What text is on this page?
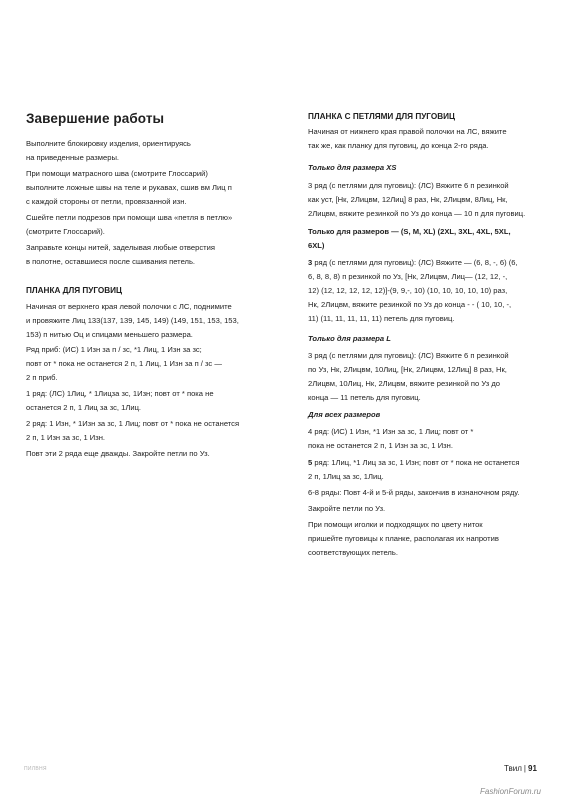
Завершение работы

Выполните блокировку изделия, ориентируясь
на приведенные размеры.

При помощи матрасного шва (смотрите Глоссарий)
выполните ложные швы на теле и рукавах, сшив вм Лиц п
с каждой стороны от петли, провязанной изн.

Сшейте петли подрезов при помощи шва «петля в петлю»
(смотрите Глоссарий).

Заправьте концы нитей, заделывая любые отверстия
в полотне, оставшиеся после сшивания петель.

ПЛАНКА ДЛЯ ПУГОВИЦ

Начиная от верхнего края левой полочки с ЛС, поднимите
и провяжите Лиц 133(137, 139, 145, 149) (149, 151, 153, 153,
153) п нитью Оц и спицами меньшего размера.

Ряд приб: (ИС) 1 Изн за п / зс, *1 Лиц, 1 Изн за зс;
повт от * пока не останется 2 п, 1 Лиц, 1 Изн за п / зс —
2 п приб.

1 ряд: (ЛС) 1Лиц, * 1Лицза зс, 1Изн; повт от * пока не
останется 2 п, 1 Лиц за зс, 1Лиц.

2 ряд: 1 Изн, * 1Изн за зс, 1 Лиц; повт от * пока не останется
2 п, 1 Изн за зс, 1 Изн.

Повт эти 2 ряда еще дважды. Закройте петли по Уз.

ПЛАНКА С ПЕТЛЯМИ ДЛЯ ПУГОВИЦ

Начиная от нижнего края правой полочки на ЛС, вяжите
так же, как планку для пуговиц, до конца 2-го ряда.

Только для размера XS

3 ряд (с петлями для пуговиц): (ЛС) Вяжите 6 п резинкой
как уст, [Нк, 2Лицвм, 12Лиц] 8 раз, Нк, 2Лицвм, 8Лиц, Нк,
2Лицвм, вяжите резинкой по Уз до конца — 10 п для пуговиц.

Только для размеров — (S, M, XL) (2XL, 3XL, 4XL, 5XL,
6XL)

3 ряд (с петлями для пуговиц): (ЛС) Вяжите — (6, 8, -, 6) (6,
6, 8, 8, 8) п резинкой по Уз, [Нк, 2Лицвм, Лиц— (12, 12, -,
12) (12, 12, 12, 12, 12)]-(9, 9,-, 10) (10, 10, 10, 10, 10) раз,
Нк, 2Лицвм, вяжите резинкой по Уз до конца - - ( 10, 10, -,
11) (11, 11, 11, 11, 11) петель для пуговиц.

Только для размера L

3 ряд (с петлями для пуговиц): (ЛС) Вяжите 6 п резинкой
по Уз, Нк, 2Лицвм, 10Лиц, [Нк, 2Лицвм, 12Лиц] 8 раз, Нк,
2Лицвм, 10Лиц, Нк, 2Лицвм, вяжите резинкой по Уз до
конца — 11 петель для пуговиц.

Для всех размеров

4 ряд: (ИС) 1 Изн, *1 Изн за зс, 1 Лиц; повт от *
пока не останется 2 п, 1 Изн за зс, 1 Изн.

5 ряд: 1Лиц, *1 Лиц за зс, 1 Изн; повт от * пока не останется
2 п, 1Лиц за зс, 1Лиц.

6-8 ряды: Повт 4-й и 5-й ряды, закончив в изнаночном ряду.

Закройте петли по Уз.

При помощи иголки и подходящих по цвету ниток
пришейте пуговицы к планке, располагая их напротив
соответствующих петель.

ПИЛВНЯ	Твил | 91
FashionForum.ru
